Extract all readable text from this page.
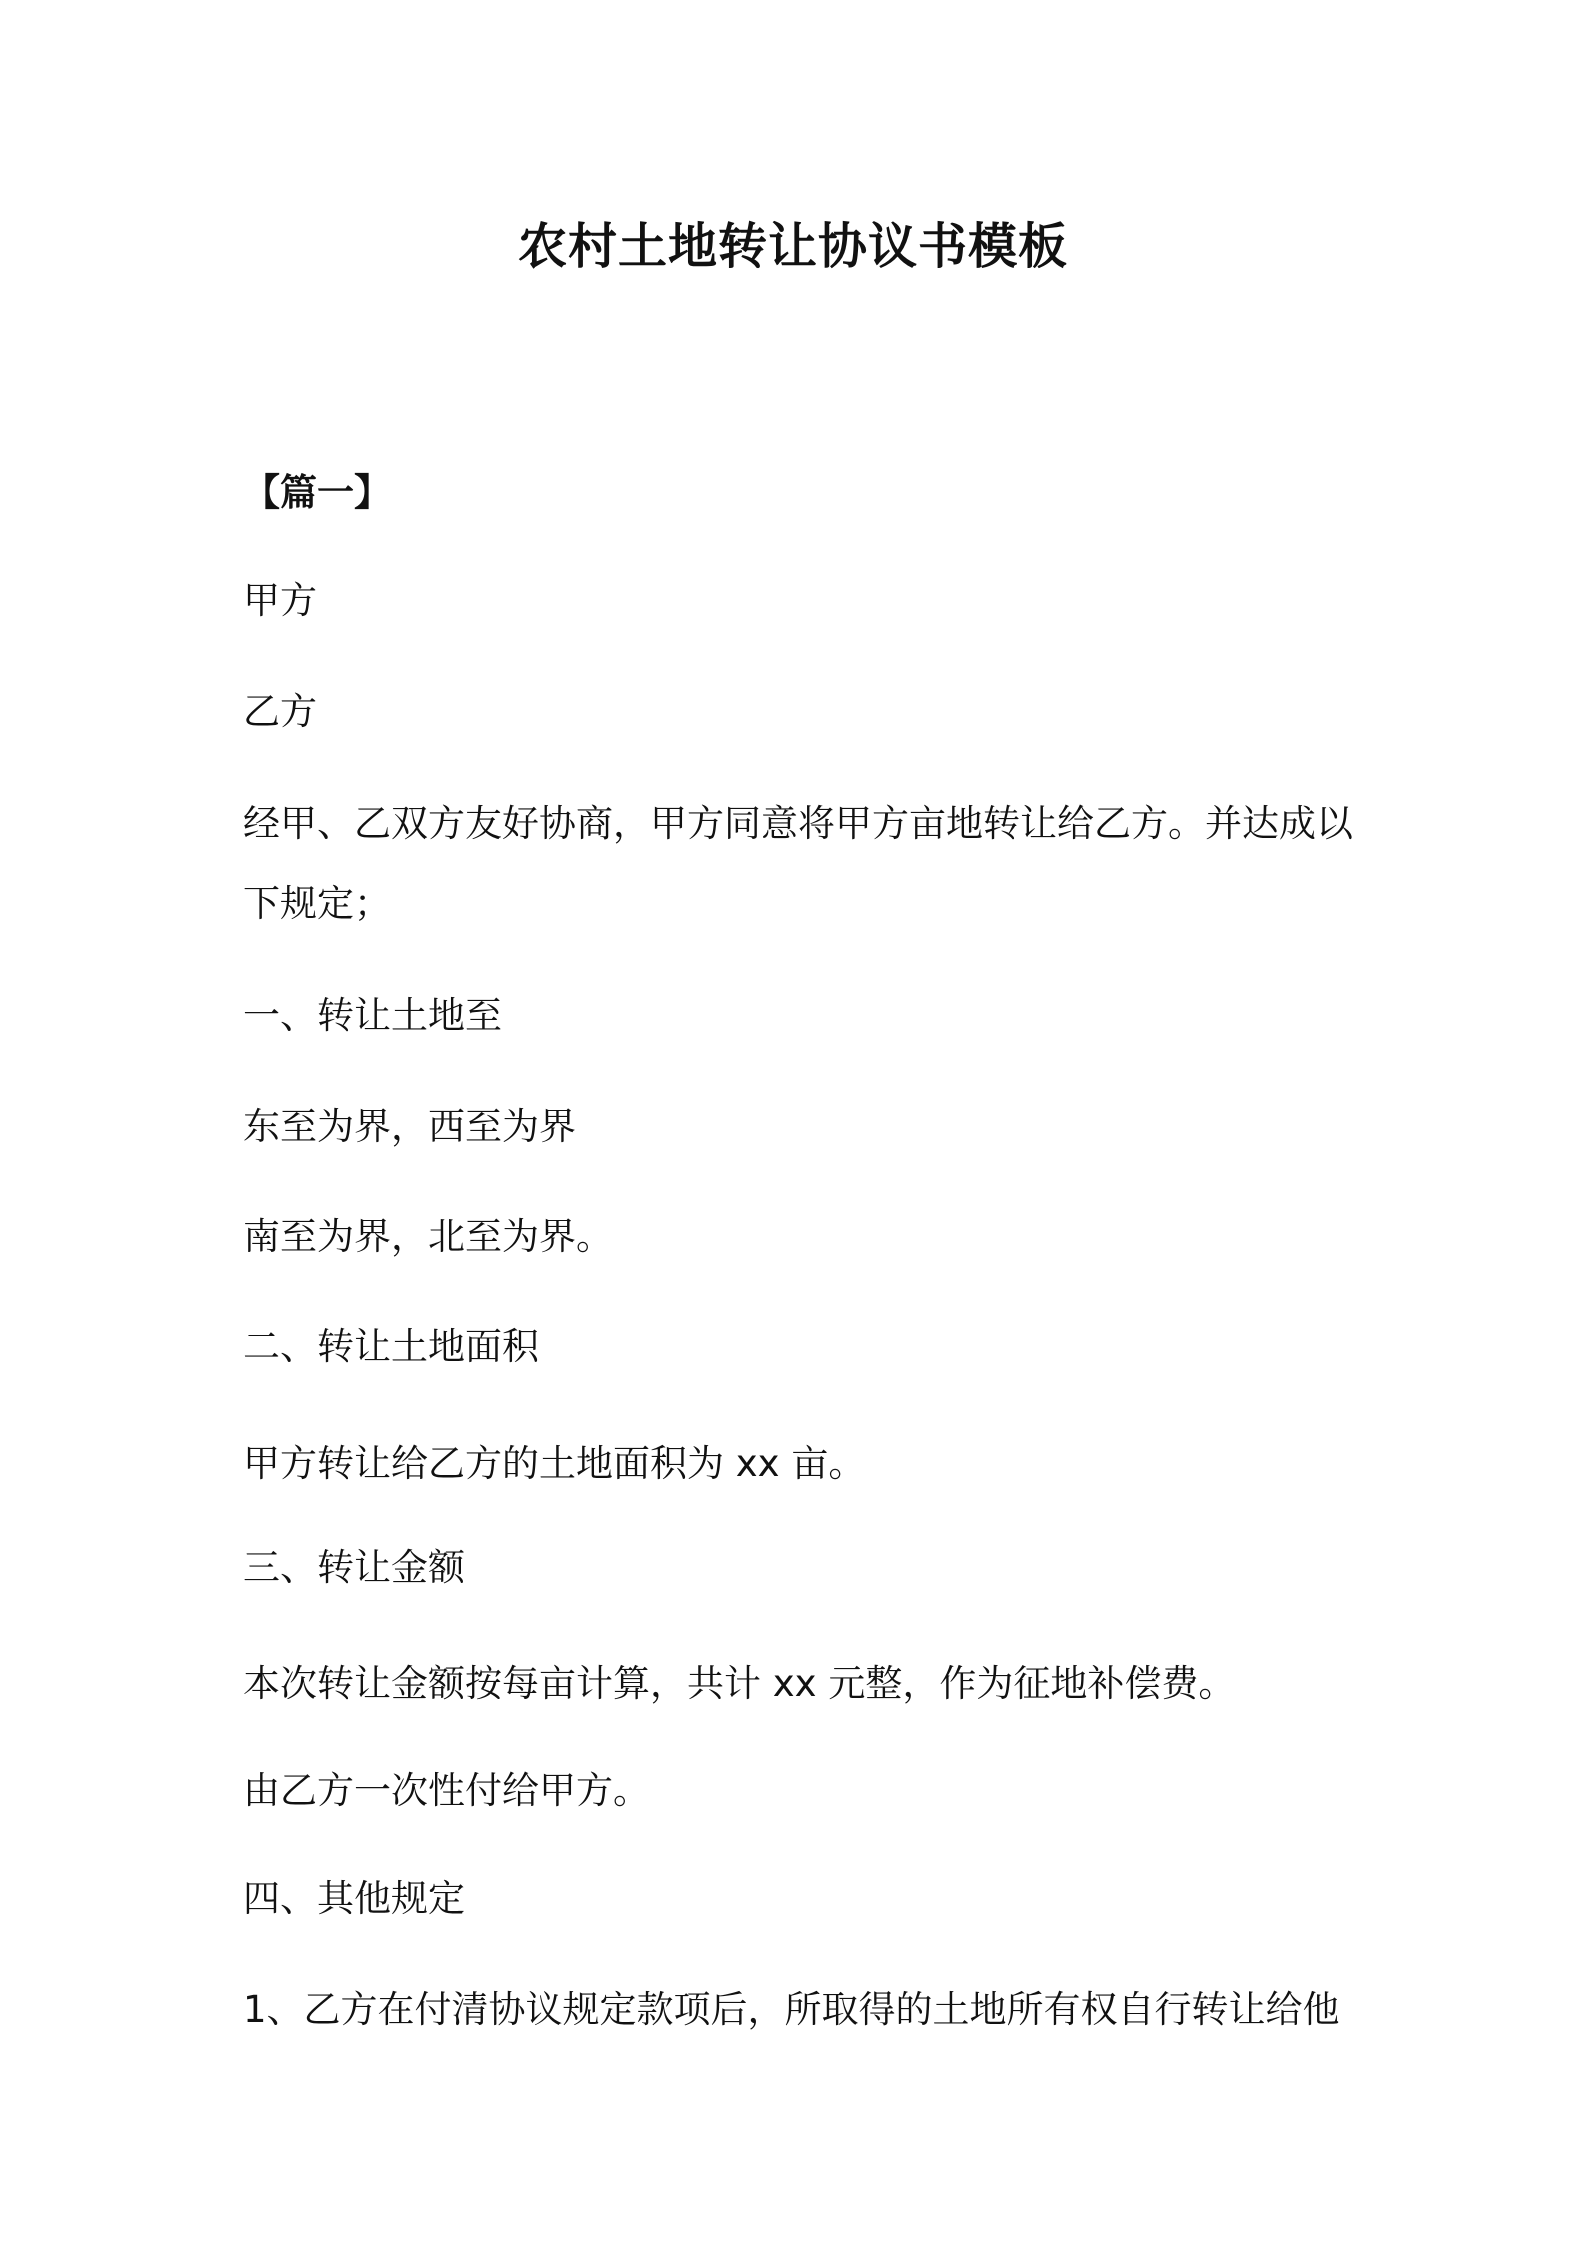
农村土地转让协议书模板

【篇一】

甲方

乙方

经甲、乙双方友好协商，甲方同意将甲方亩地转让给乙方。并达成以

下规定；

一、转让土地至

东至为界，西至为界

南至为界，北至为界。

二、转让土地面积

甲方转让给乙方的土地面积为 xx 亩。

三、转让金额

本次转让金额按每亩计算，共计 xx 元整，作为征地补偿费。

由乙方一次性付给甲方。

四、其他规定

1、乙方在付清协议规定款项后，所取得的土地所有权自行转让给他
